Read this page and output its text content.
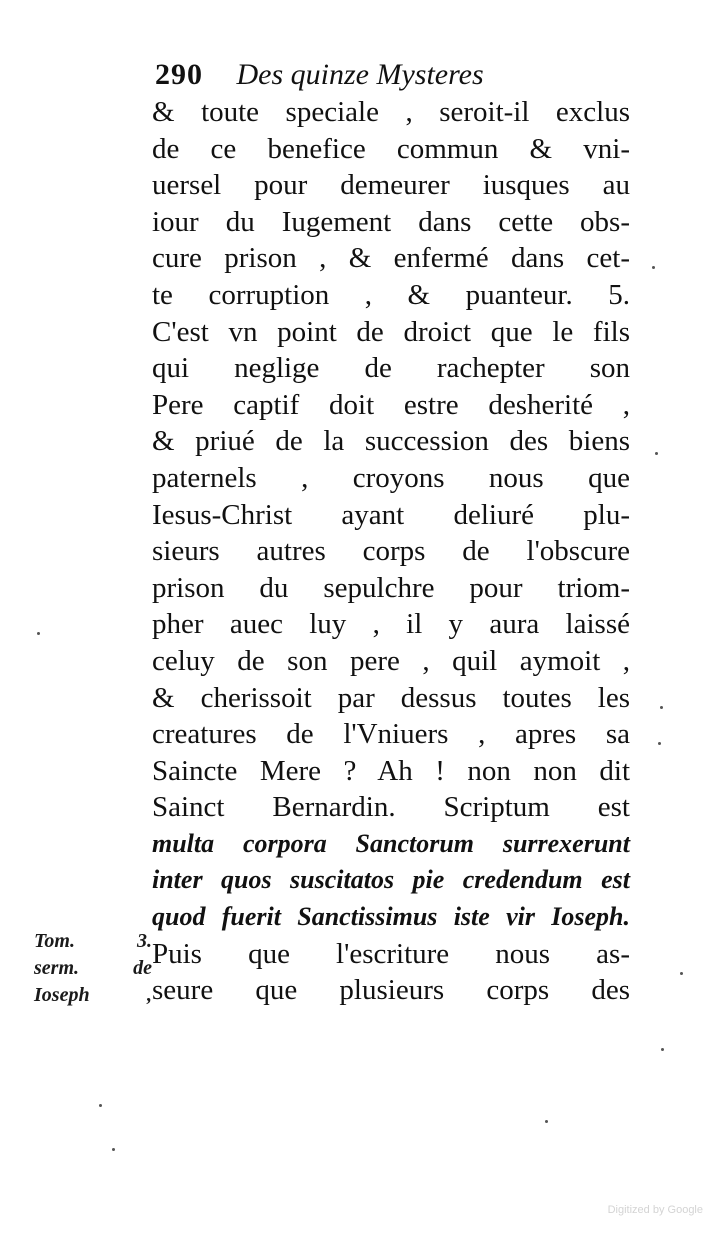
290 Des quinze Mysteres
& toute speciale , seroit-il exclus
de ce benefice commun & vni-
uersel pour demeurer iusques au
iour du Iugement dans cette obs-
cure prison , & enfermé dans cet-
te corruption , & puanteur. 5.
C'est vn point de droict que le fils
qui neglige de rachepter son
Pere captif doit estre desherité ,
& priué de la succession des biens
paternels , croyons nous que
Iesus-Christ ayant deliuré plu-
sieurs autres corps de l'obscure
prison du sepulchre pour triom-
pher auec luy , il y aura laissé
celuy de son pere , quil aymoit ,
& cherissoit par dessus toutes les
creatures de l'Vniuers , apres sa
Saincte Mere ? Ah ! non non dit
Sainct Bernardin. Scriptum est
multa corpora Sanctorum surrexerunt
inter quos suscitatos pie credendum est
quod fuerit Sanctissimus iste vir Ioseph.
Puis que l'escriture nous as-
seure que plusieurs corps des
Tom. 3.
serm. de
Ioseph ,
Digitized by Google
